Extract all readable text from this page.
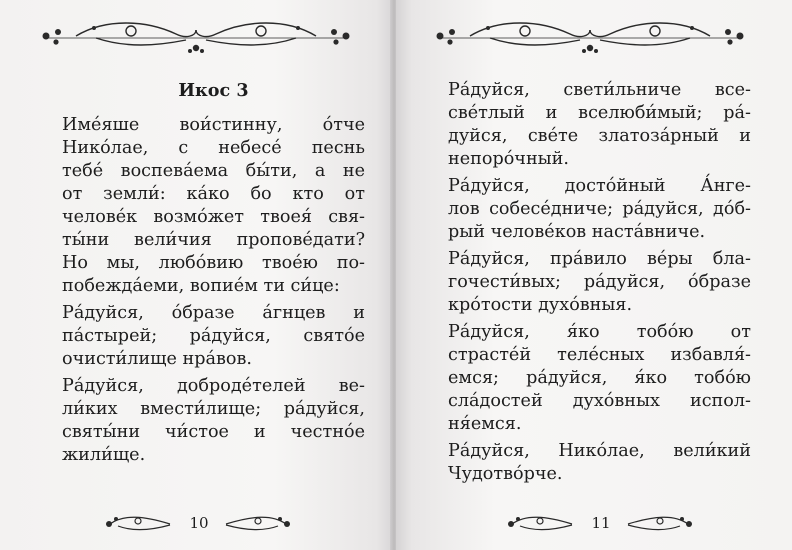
Икос 3
Име́яше вои́стинну, о́тче
Нико́лае, с небесе́ песнь
тебе́ воспева́ема бы́ти, а не
от земли́: ка́ко бо кто от
челове́к возмо́жет твоея́ свя-
ты́ни вели́чия пропове́дати?
Но мы, любо́вию твое́ю по-
побежда́еми, вопие́м ти си́це:
Ра́дуйся, о́бразе а́гнцев и
па́стырей; ра́дуйся, свято́е
очисти́лище нра́вов.
Ра́дуйся, доброде́телей ве-
ли́ких вмести́лище; ра́дуйся,
святы́ни чи́стое и честно́е
жили́ще.
10
Ра́дуйся, свети́льниче все-
све́тлый и вселюби́мый; ра́-
дуйся, све́те златоза́рный и
непоро́чный.
Ра́дуйся, досто́йный А́нге-
лов собесе́дниче; ра́дуйся, до́б-
рый челове́ков наста́вниче.
Ра́дуйся, пра́вило ве́ры бла-
гочести́вых; ра́дуйся, о́бразе
кро́тости духо́вныя.
Ра́дуйся, я́ко тобо́ю от
страсте́й теле́сных избавля́-
емся; ра́дуйся, я́ко тобо́ю
сла́достей духо́вных испол-
ня́емся.
Ра́дуйся, Нико́лае, вели́кий
Чудотво́рче.
11
